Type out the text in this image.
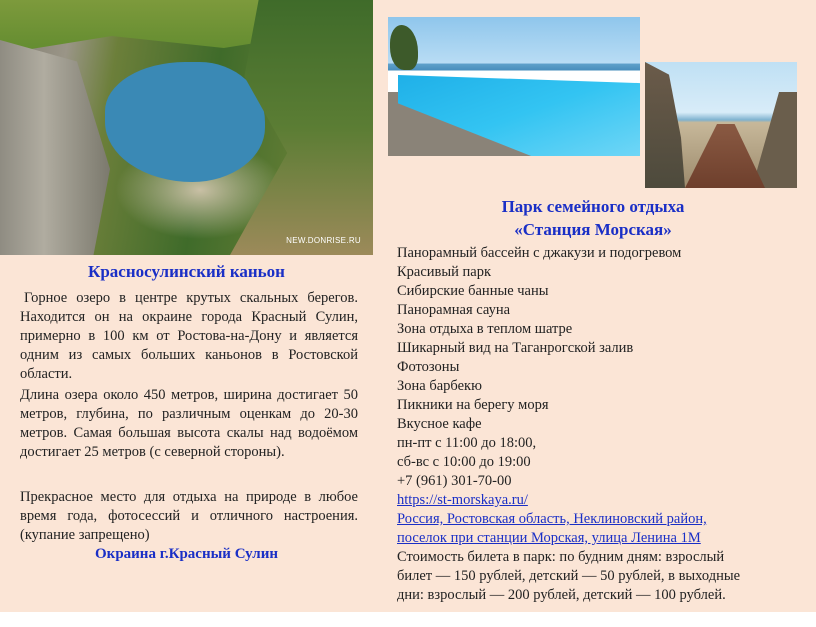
NEW.DONRISE.RU
Красносулинский каньон
Горное озеро в центре крутых скальных берегов. Находится он на окраине города Красный Сулин, примерно в 100 км от Ростова-на-Дону и является одним из самых больших каньонов в Ростовской области.
Длина озера около 450 метров, ширина достигает 50 метров, глубина, по различным оценкам до 20-30 метров. Самая большая высота скалы над водоёмом достигает 25 метров (с северной стороны).
Прекрасное место для отдыха на природе в любое время года, фотосессий и отличного настроения. (купание запрещено)
Окраина г.Красный Сулин
Парк семейного отдыха
«Станция Морская»
Панорамный бассейн с джакузи и подогревом
Красивый парк
Сибирские банные чаны
Панорамная сауна
Зона отдыха в теплом шатре
Шикарный вид на Таганрогской залив
Фотозоны
Зона барбекю
Пикники на берегу моря
Вкусное кафе
пн-пт с 11:00 до 18:00,
сб-вс с 10:00 до 19:00
+7 (961) 301-70-00
https://st-morskaya.ru/
Россия, Ростовская область, Неклиновский район,
поселок при станции Морская, улица Ленина 1М
Стоимость билета в парк: по будним дням: взрослый
билет — 150 рублей, детский — 50 рублей, в выходные
дни: взрослый — 200 рублей, детский — 100 рублей.
